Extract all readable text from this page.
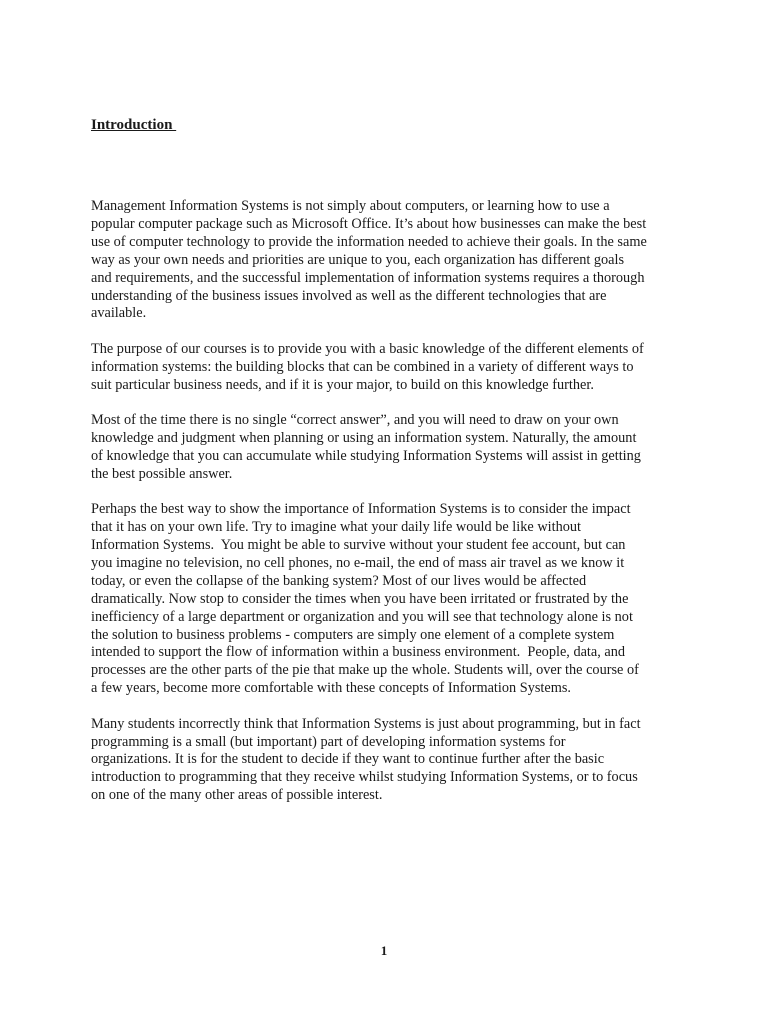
Introduction

Management Information Systems is not simply about computers, or learning how to use a
popular computer package such as Microsoft Office. It’s about how businesses can make the best
use of computer technology to provide the information needed to achieve their goals. In the same
way as your own needs and priorities are unique to you, each organization has different goals
and requirements, and the successful implementation of information systems requires a thorough
understanding of the business issues involved as well as the different technologies that are
available.

The purpose of our courses is to provide you with a basic knowledge of the different elements of
information systems: the building blocks that can be combined in a variety of different ways to
suit particular business needs, and if it is your major, to build on this knowledge further.

Most of the time there is no single “correct answer”, and you will need to draw on your own
knowledge and judgment when planning or using an information system. Naturally, the amount
of knowledge that you can accumulate while studying Information Systems will assist in getting
the best possible answer.

Perhaps the best way to show the importance of Information Systems is to consider the impact
that it has on your own life. Try to imagine what your daily life would be like without
Information Systems.  You might be able to survive without your student fee account, but can
you imagine no television, no cell phones, no e-mail, the end of mass air travel as we know it
today, or even the collapse of the banking system? Most of our lives would be affected
dramatically. Now stop to consider the times when you have been irritated or frustrated by the
inefficiency of a large department or organization and you will see that technology alone is not
the solution to business problems - computers are simply one element of a complete system
intended to support the flow of information within a business environment.  People, data, and
processes are the other parts of the pie that make up the whole. Students will, over the course of
a few years, become more comfortable with these concepts of Information Systems.

Many students incorrectly think that Information Systems is just about programming, but in fact
programming is a small (but important) part of developing information systems for
organizations. It is for the student to decide if they want to continue further after the basic
introduction to programming that they receive whilst studying Information Systems, or to focus
on one of the many other areas of possible interest.

1
